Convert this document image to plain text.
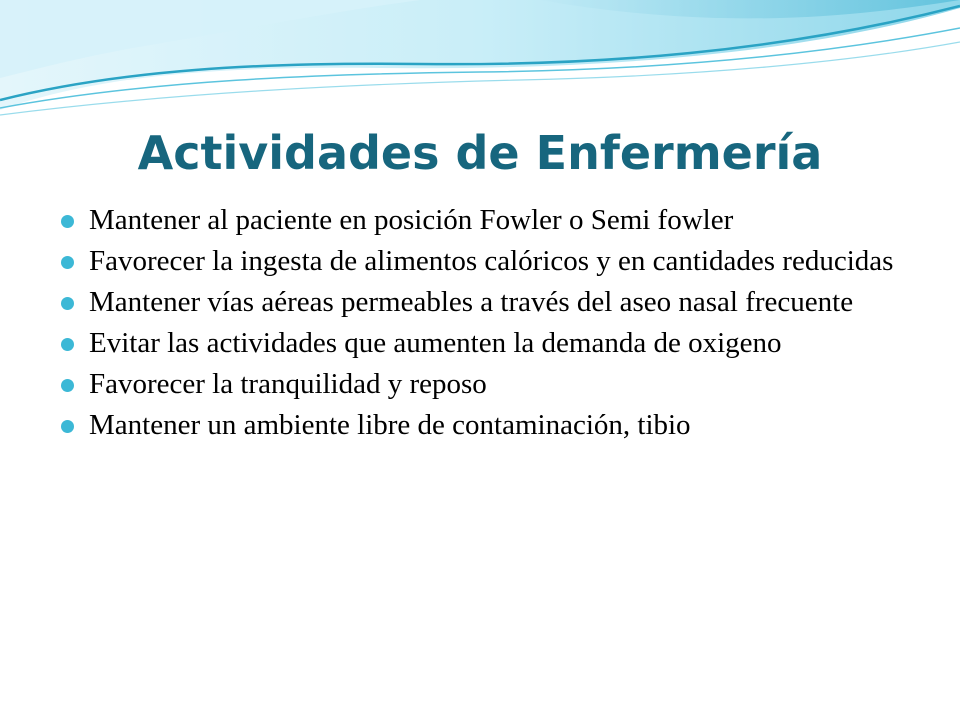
Actividades de Enfermería
Mantener al paciente en posición Fowler o Semi fowler
Favorecer la ingesta de alimentos calóricos y en cantidades reducidas
Mantener vías aéreas permeables a través del aseo nasal frecuente
Evitar las actividades que aumenten la demanda de oxigeno
Favorecer la tranquilidad y reposo
Mantener un ambiente libre de contaminación, tibio
